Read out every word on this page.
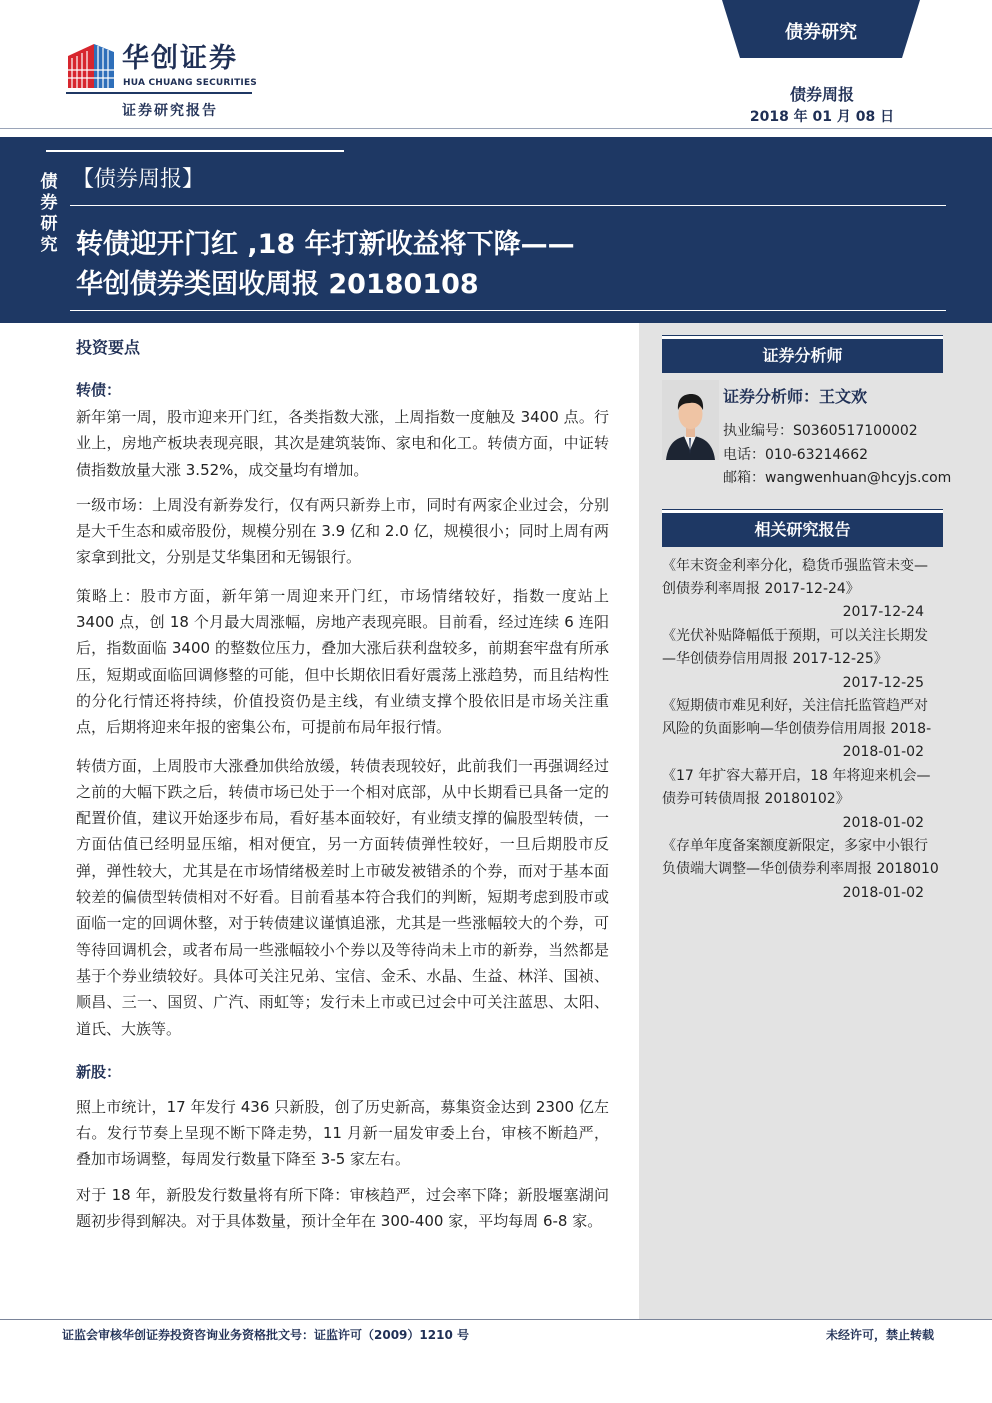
华创证券
HUA CHUANG SECURITIES
证券研究报告
债券研究
债券周报
2018 年 01 月 08 日
债券研究
【债券周报】
转债迎开门红 ,18 年打新收益将下降——
华创债券类固收周报 20180108
证券分析师
证券分析师：王文欢
执业编号：S0360517100002
电话：010-63214662
邮箱：wangwenhuan@hcyjs.com
相关研究报告
《年末资金利率分化，稳货币强监管未变—
创债券利率周报 2017-12-24》
2017-12-24
《光伏补贴降幅低于预期，可以关注长期发
—华创债券信用周报 2017-12-25》
2017-12-25
《短期债市难见利好，关注信托监管趋严对
风险的负面影响—华创债券信用周报 2018-
2018-01-02
《17 年扩容大幕开启，18 年将迎来机会—
债券可转债周报 20180102》
2018-01-02
《存单年度备案额度新限定，多家中小银行
负债端大调整—华创债券利率周报 2018010
2018-01-02
投资要点
转债：

新年第一周，股市迎来开门红，各类指数大涨，上周指数一度触及 3400 点。行业上，房地产板块表现亮眼，其次是建筑装饰、家电和化工。转债方面，中证转债指数放量大涨 3.52%，成交量均有增加。

一级市场：上周没有新券发行，仅有两只新券上市，同时有两家企业过会，分别是大千生态和威帝股份，规模分别在 3.9 亿和 2.0 亿，规模很小；同时上周有两家拿到批文，分别是艾华集团和无锡银行。

策略上：股市方面，新年第一周迎来开门红，市场情绪较好，指数一度站上 3400 点，创 18 个月最大周涨幅，房地产表现亮眼。目前看，经过连续 6 连阳后，指数面临 3400 的整数位压力，叠加大涨后获利盘较多，前期套牢盘有所承压，短期或面临回调修整的可能，但中长期依旧看好震荡上涨趋势，而且结构性的分化行情还将持续，价值投资仍是主线，有业绩支撑个股依旧是市场关注重点，后期将迎来年报的密集公布，可提前布局年报行情。

转债方面，上周股市大涨叠加供给放缓，转债表现较好，此前我们一再强调经过之前的大幅下跌之后，转债市场已处于一个相对底部，从中长期看已具备一定的配置价值，建议开始逐步布局，看好基本面较好，有业绩支撑的偏股型转债，一方面估值已经明显压缩，相对便宜，另一方面转债弹性较好，一旦后期股市反弹，弹性较大，尤其是在市场情绪极差时上市破发被错杀的个券，而对于基本面较差的偏债型转债相对不好看。目前看基本符合我们的判断，短期考虑到股市或面临一定的回调休整，对于转债建议谨慎追涨，尤其是一些涨幅较大的个券，可等待回调机会，或者布局一些涨幅较小个券以及等待尚未上市的新券，当然都是基于个券业绩较好。具体可关注兄弟、宝信、金禾、水晶、生益、林洋、国祯、顺昌、三一、国贸、广汽、雨虹等；发行未上市或已过会中可关注蓝思、太阳、道氏、大族等。

新股：

照上市统计，17 年发行 436 只新股，创了历史新高，募集资金达到 2300 亿左右。发行节奏上呈现不断下降走势，11 月新一届发审委上台，审核不断趋严，叠加市场调整，每周发行数量下降至 3-5 家左右。

对于 18 年，新股发行数量将有所下降：审核趋严，过会率下降；新股堰塞湖问题初步得到解决。对于具体数量，预计全年在 300-400 家，平均每周 6-8 家。

证监会审核华创证券投资咨询业务资格批文号：证监许可（2009）1210 号	未经许可，禁止转载
